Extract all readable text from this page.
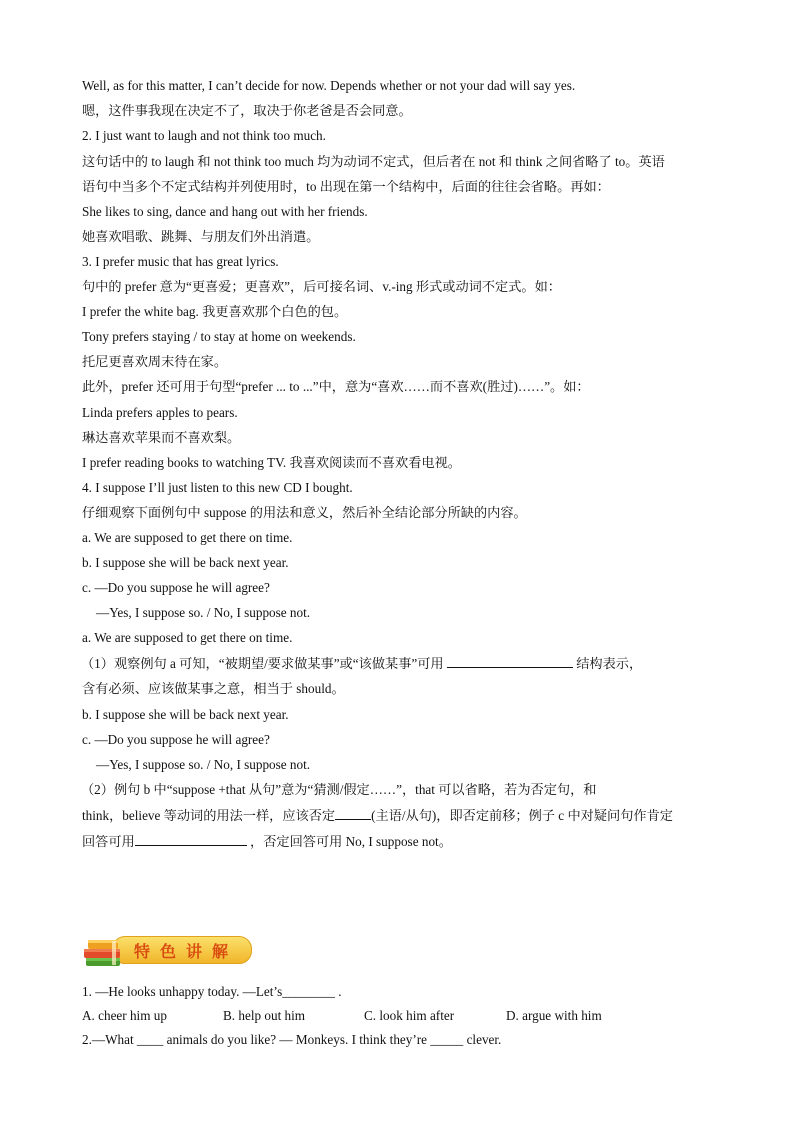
Well, as for this matter, I can’t decide for now. Depends whether or not your dad will say yes.
嗯，这件事我现在决定不了，取决于你老爸是否会同意。
2. I just want to laugh and not think too much.
这句话中的 to laugh 和 not think too much 均为动词不定式，但后者在 not 和 think 之间省略了 to。英语
语句中当多个不定式结构并列使用时，to 出现在第一个结构中，后面的往往会省略。再如：
She likes to sing, dance and hang out with her friends.
她喜欢唱歌、跳舞、与朋友们外出消遣。
3. I prefer music that has great lyrics.
句中的 prefer 意为“更喜爱；更喜欢”，后可接名词、v.-ing 形式或动词不定式。如：
I prefer the white bag. 我更喜欢那个白色的包。
Tony prefers staying / to stay at home on weekends.
托尼更喜欢周末待在家。
此外，prefer 还可用于句型“prefer ... to ...”中，意为“喜欢……而不喜欢(胜过)……”。如：
Linda prefers apples to pears.
琳达喜欢苹果而不喜欢梨。
I prefer reading books to watching TV. 我喜欢阅读而不喜欢看电视。
4. I suppose I’ll just listen to this new CD I bought.
仔细观察下面例句中 suppose 的用法和意义，然后补全结论部分所缺的内容。
a. We are supposed to get there on time.
b. I suppose she will be back next year.
c. —Do you suppose he will agree?
—Yes, I suppose so. / No, I suppose not.
a. We are supposed to get there on time.
（1）观察例句 a 可知，“被期望/要求做某事”或“该做某事”可用	结构表示，
含有必须、应该做某事之意，相当于 should。
b. I suppose she will be back next year.
c. —Do you suppose he will agree?
—Yes, I suppose so. / No, I suppose not.
（2）例句 b 中“suppose +that 从句”意为“猜测/假定……”，that 可以省略，若为否定句，和
think，believe 等动词的用法一样，应该否定	(主语/从句)，即否定前移；例子 c 中对疑问句作肯定
回答可用	，否定回答可用 No, I suppose not。
特色讲解
1. —He looks unhappy today. —Let’s________ .
A. cheer him up	B. help out him	C. look him after	D. argue with him
2.—What ____ animals do you like? — Monkeys. I think they’re _____ clever.
